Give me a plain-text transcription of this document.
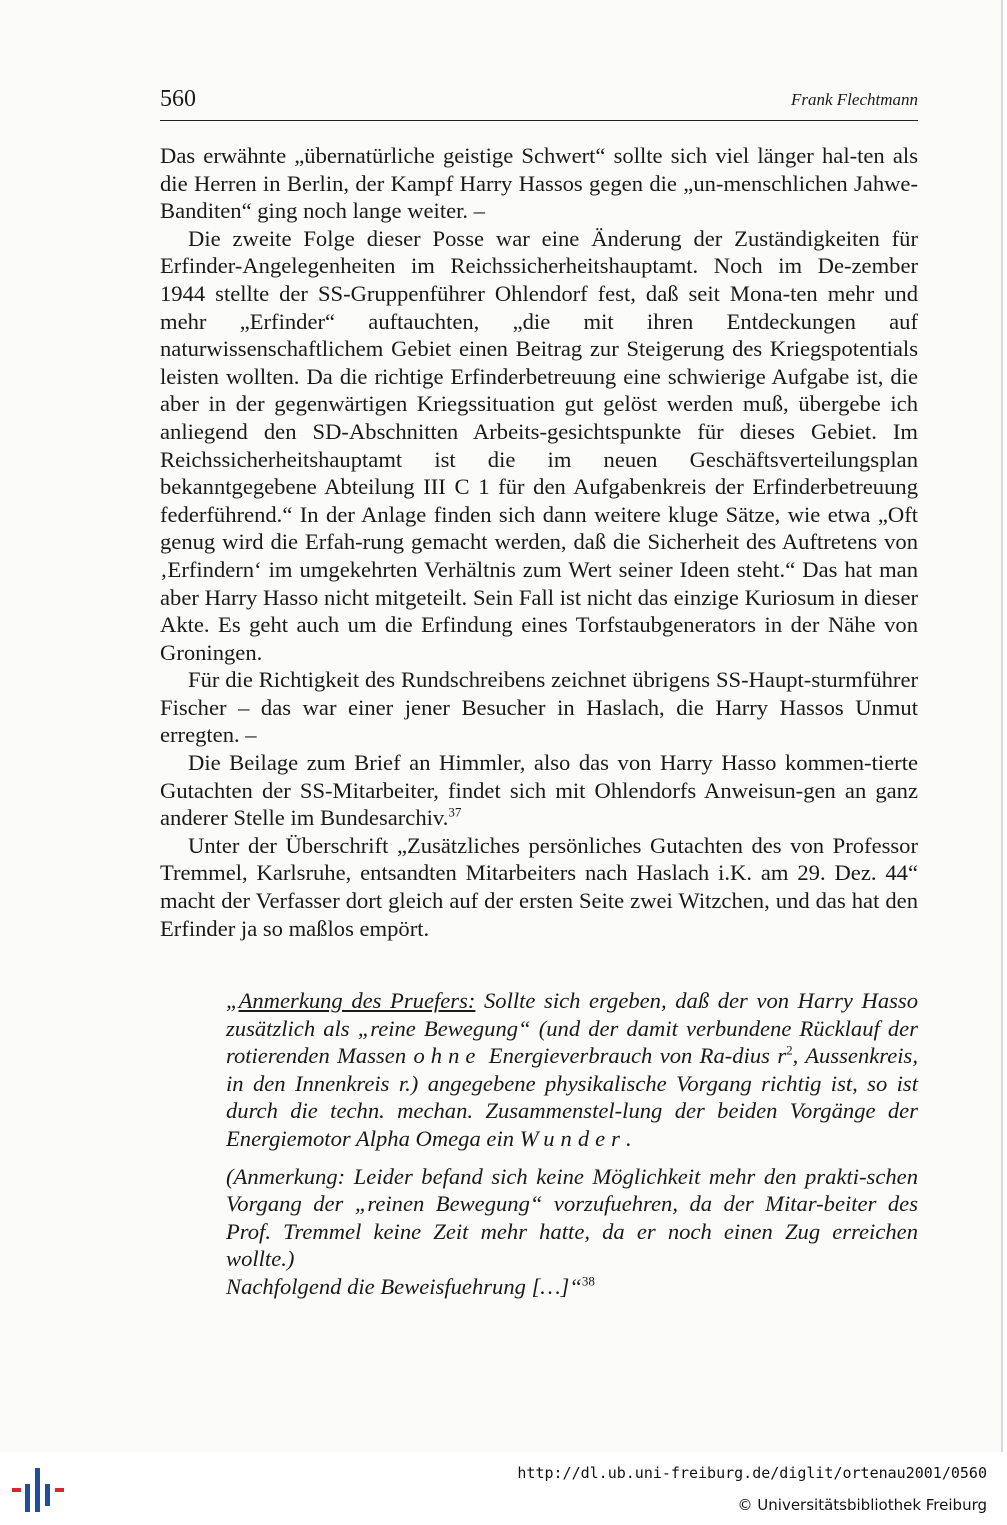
560	Frank Flechtmann

Das erwähnte „übernatürliche geistige Schwert“ sollte sich viel länger hal-ten als die Herren in Berlin, der Kampf Harry Hassos gegen die „un-menschlichen Jahwe-Banditen“ ging noch lange weiter. –

Die zweite Folge dieser Posse war eine Änderung der Zuständigkeiten für Erfinder-Angelegenheiten im Reichssicherheitshauptamt. Noch im De-zember 1944 stellte der SS-Gruppenführer Ohlendorf fest, daß seit Mona-ten mehr und mehr „Erfinder“ auftauchten, „die mit ihren Entdeckungen auf naturwissenschaftlichem Gebiet einen Beitrag zur Steigerung des Kriegspotentials leisten wollten. Da die richtige Erfinderbetreuung eine schwierige Aufgabe ist, die aber in der gegenwärtigen Kriegssituation gut gelöst werden muß, übergebe ich anliegend den SD-Abschnitten Arbeits-gesichtspunkte für dieses Gebiet. Im Reichssicherheitshauptamt ist die im neuen Geschäftsverteilungsplan bekanntgegebene Abteilung III C 1 für den Aufgabenkreis der Erfinderbetreuung federführend.“ In der Anlage finden sich dann weitere kluge Sätze, wie etwa „Oft genug wird die Erfah-rung gemacht werden, daß die Sicherheit des Auftretens von ‚Erfindern‘ im umgekehrten Verhältnis zum Wert seiner Ideen steht.“ Das hat man aber Harry Hasso nicht mitgeteilt. Sein Fall ist nicht das einzige Kuriosum in dieser Akte. Es geht auch um die Erfindung eines Torfstaubgenerators in der Nähe von Groningen.

Für die Richtigkeit des Rundschreibens zeichnet übrigens SS-Haupt-sturmführer Fischer – das war einer jener Besucher in Haslach, die Harry Hassos Unmut erregten. –

Die Beilage zum Brief an Himmler, also das von Harry Hasso kommen-tierte Gutachten der SS-Mitarbeiter, findet sich mit Ohlendorfs Anweisun-gen an ganz anderer Stelle im Bundesarchiv.$^{37}$

Unter der Überschrift „Zusätzliches persönliches Gutachten des von Professor Tremmel, Karlsruhe, entsandten Mitarbeiters nach Haslach i.K. am 29. Dez. 44“ macht der Verfasser dort gleich auf der ersten Seite zwei Witzchen, und das hat den Erfinder ja so maßlos empört.

„Anmerkung des Pruefers: Sollte sich ergeben, daß der von Harry Hasso zusätzlich als „reine Bewegung“ (und der damit verbundene Rücklauf der rotierenden Massen ohne Energieverbrauch von Ra-dius $r^2$, Aussenkreis, in den Innenkreis r.) angegebene physikalische Vorgang richtig ist, so ist durch die techn. mechan. Zusammenstel-lung der beiden Vorgänge der Energiemotor Alpha Omega ein Wunder.

(Anmerkung: Leider befand sich keine Möglichkeit mehr den prakti-schen Vorgang der „reinen Bewegung“ vorzufuehren, da der Mitar-beiter des Prof. Tremmel keine Zeit mehr hatte, da er noch einen Zug erreichen wollte.)

Nachfolgend die Beweisfuehrung […]“$^{38}$

http://dl.ub.uni-freiburg.de/diglit/ortenau2001/0560
© Universitätsbibliothek Freiburg
